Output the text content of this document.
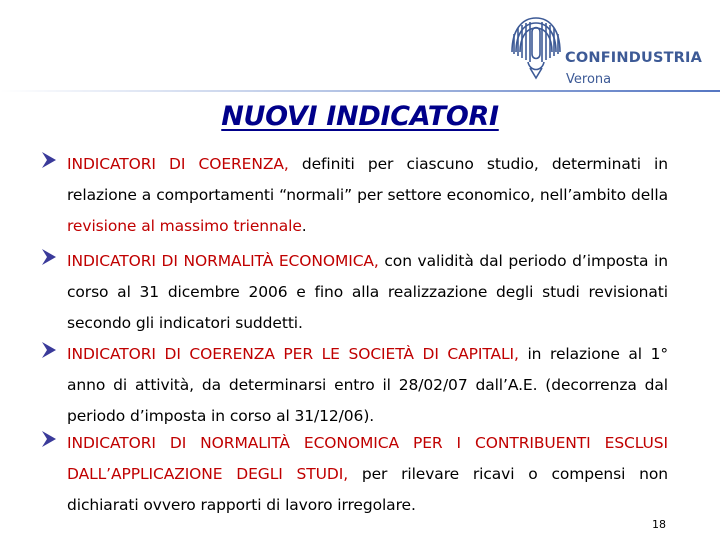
CONFINDUSTRIA
Verona
NUOVI INDICATORI
INDICATORI DI COERENZA, definiti per ciascuno studio, determinati in relazione a comportamenti “normali” per settore economico, nell’ambito della revisione al massimo triennale.
INDICATORI DI NORMALITÀ ECONOMICA, con validità dal periodo d’imposta in corso al 31 dicembre 2006 e fino alla realizzazione degli studi revisionati secondo gli indicatori suddetti.
INDICATORI DI COERENZA PER LE SOCIETÀ DI CAPITALI, in relazione al 1° anno di attività, da determinarsi entro il 28/02/07 dall’A.E. (decorrenza dal periodo d’imposta in corso al 31/12/06).
INDICATORI DI NORMALITÀ ECONOMICA PER I CONTRIBUENTI ESCLUSI DALL’APPLICAZIONE DEGLI STUDI, per rilevare ricavi o compensi non dichiarati ovvero rapporti di lavoro irregolare.
18
